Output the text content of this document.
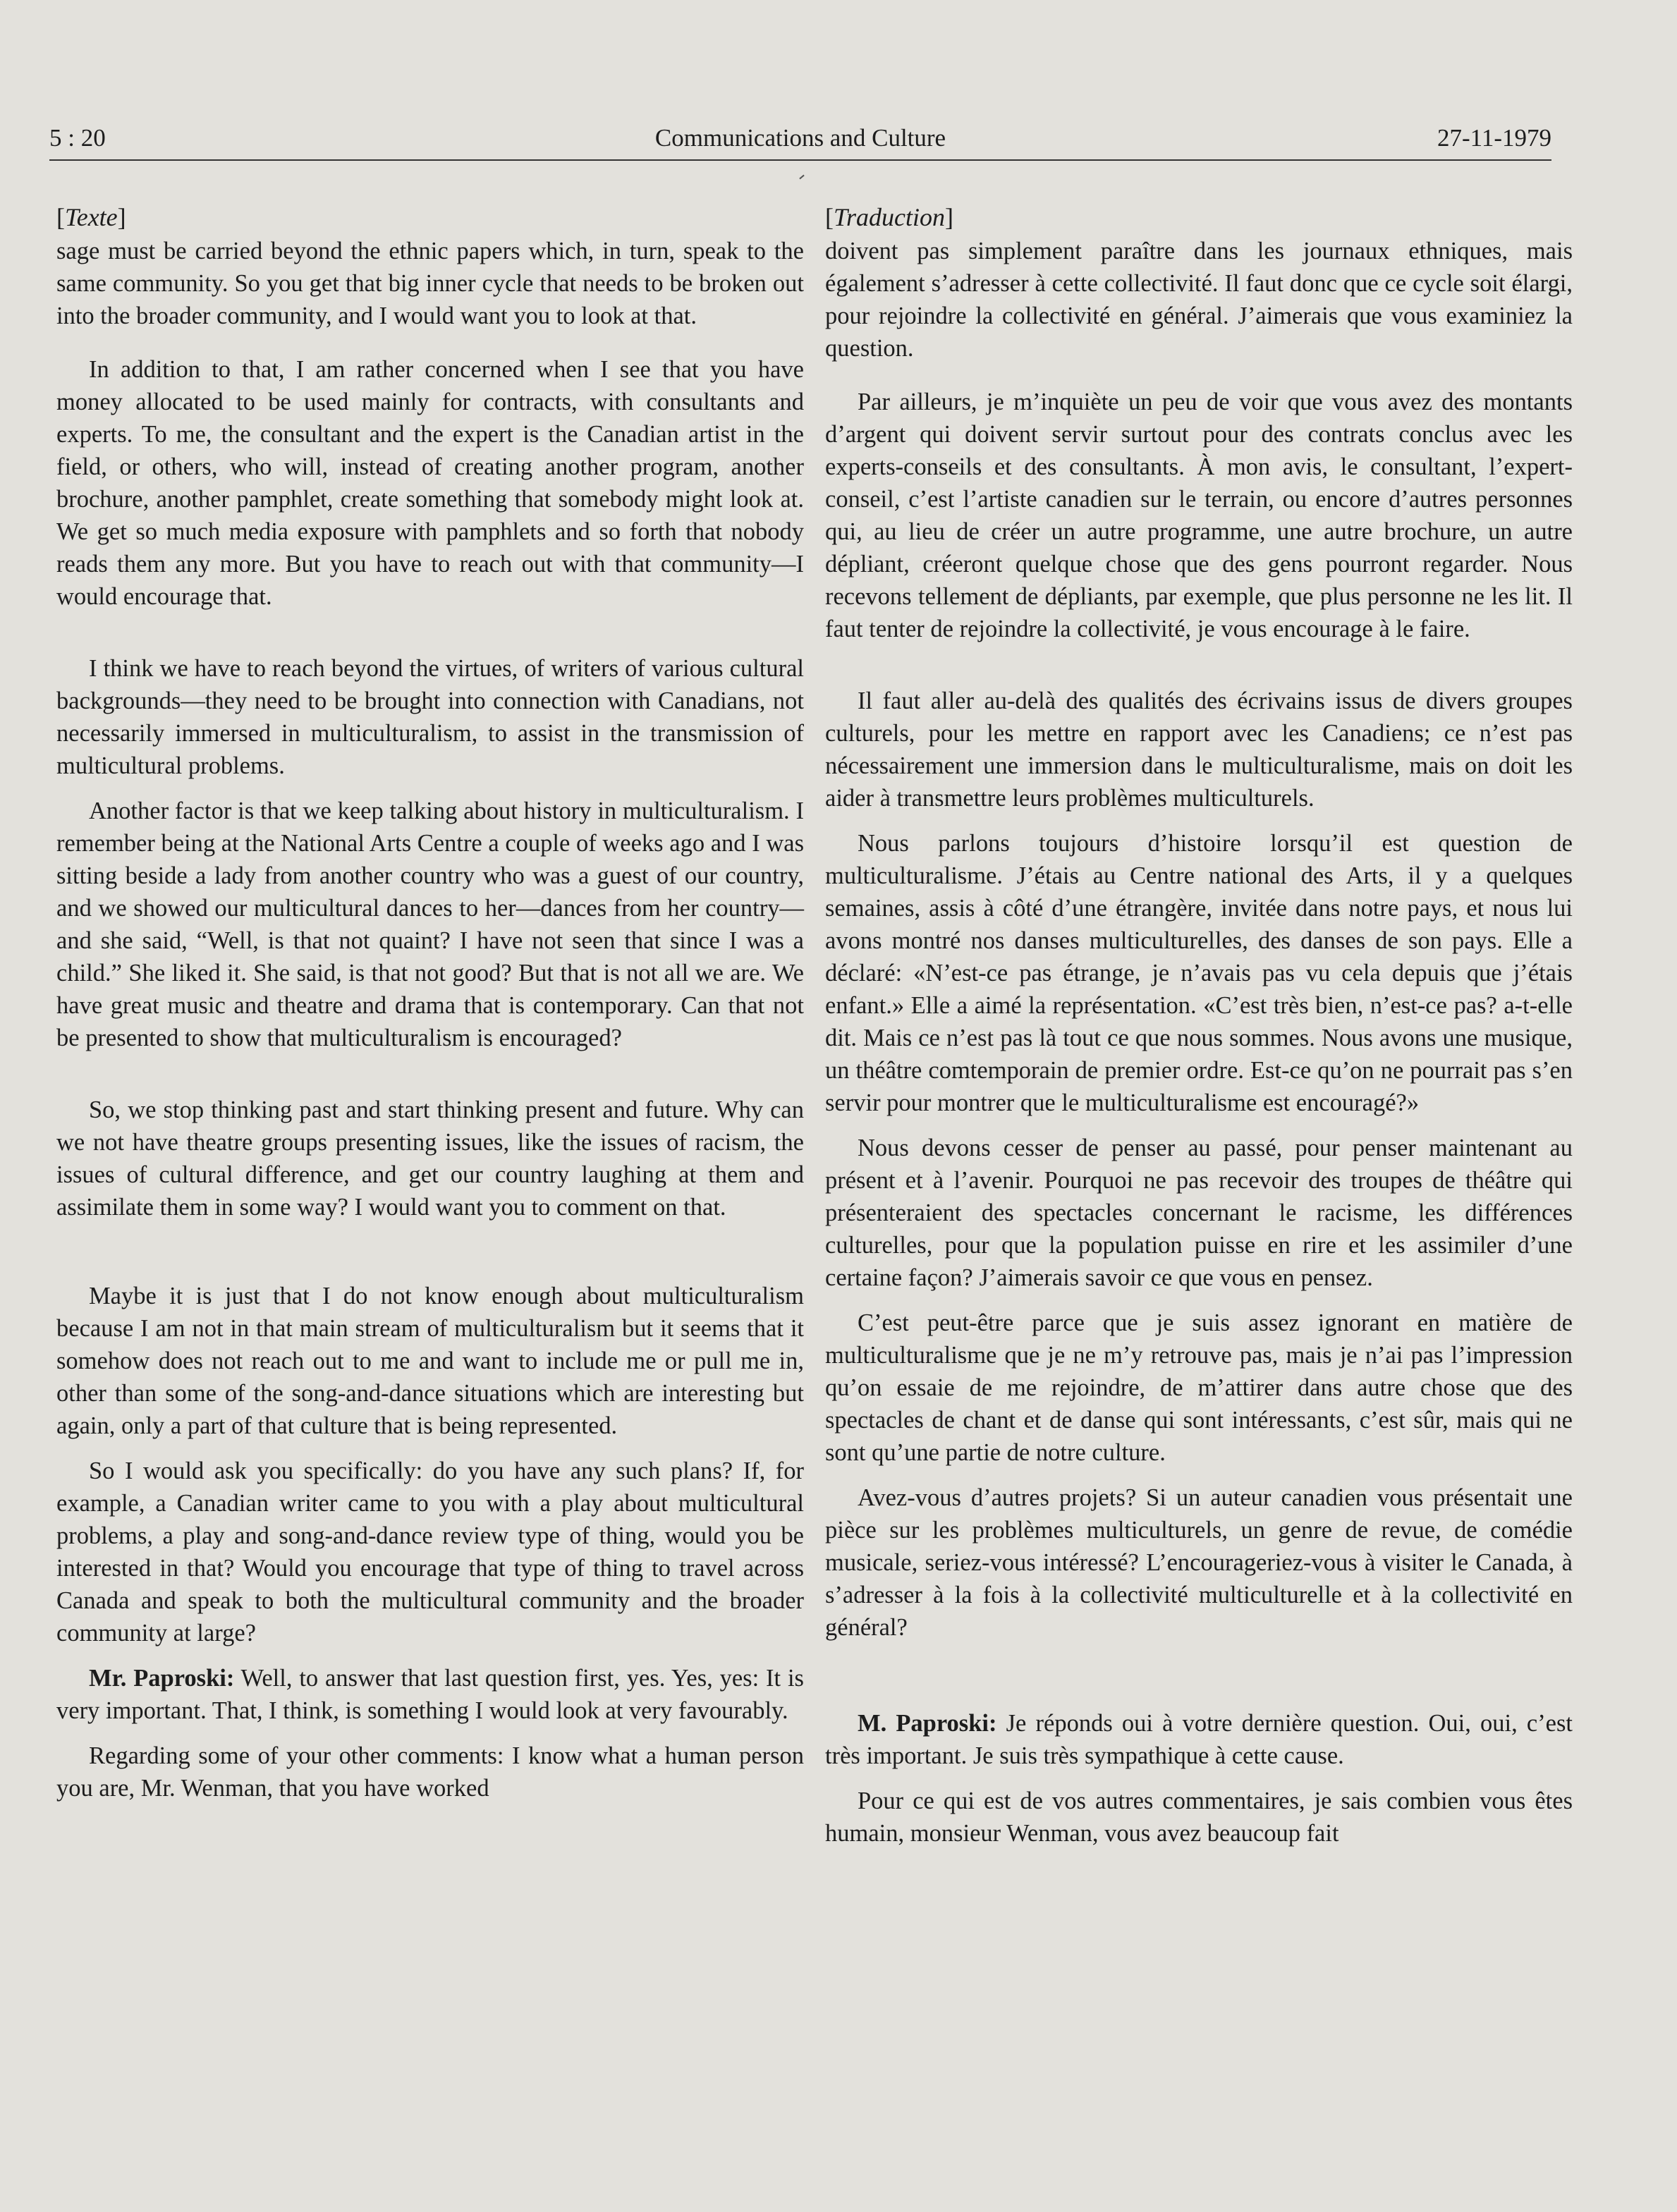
5 : 20	Communications and Culture	27-11-1979
[Texte]

sage must be carried beyond the ethnic papers which, in turn, speak to the same community. So you get that big inner cycle that needs to be broken out into the broader community, and I would want you to look at that.

In addition to that, I am rather concerned when I see that you have money allocated to be used mainly for contracts, with consultants and experts. To me, the consultant and the expert is the Canadian artist in the field, or others, who will, instead of creating another program, another brochure, another pamphlet, create something that somebody might look at. We get so much media exposure with pamphlets and so forth that nobody reads them any more. But you have to reach out with that community—I would encourage that.

I think we have to reach beyond the virtues, of writers of various cultural backgrounds—they need to be brought into connection with Canadians, not necessarily immersed in multiculturalism, to assist in the transmission of multicultural problems.

Another factor is that we keep talking about history in multiculturalism. I remember being at the National Arts Centre a couple of weeks ago and I was sitting beside a lady from another country who was a guest of our country, and we showed our multicultural dances to her—dances from her country—and she said, “Well, is that not quaint? I have not seen that since I was a child.” She liked it. She said, is that not good? But that is not all we are. We have great music and theatre and drama that is contemporary. Can that not be presented to show that multiculturalism is encouraged?

So, we stop thinking past and start thinking present and future. Why can we not have theatre groups presenting issues, like the issues of racism, the issues of cultural difference, and get our country laughing at them and assimilate them in some way? I would want you to comment on that.

Maybe it is just that I do not know enough about multiculturalism because I am not in that main stream of multiculturalism but it seems that it somehow does not reach out to me and want to include me or pull me in, other than some of the song-and-dance situations which are interesting but again, only a part of that culture that is being represented.

So I would ask you specifically: do you have any such plans? If, for example, a Canadian writer came to you with a play about multicultural problems, a play and song-and-dance review type of thing, would you be interested in that? Would you encourage that type of thing to travel across Canada and speak to both the multicultural community and the broader community at large?

Mr. Paproski: Well, to answer that last question first, yes. Yes, yes: It is very important. That, I think, is something I would look at very favourably.

Regarding some of your other comments: I know what a human person you are, Mr. Wenman, that you have worked

[Traduction]

doivent pas simplement paraître dans les journaux ethniques, mais également s’adresser à cette collectivité. Il faut donc que ce cycle soit élargi, pour rejoindre la collectivité en général. J’aimerais que vous examiniez la question.

Par ailleurs, je m’inquiète un peu de voir que vous avez des montants d’argent qui doivent servir surtout pour des contrats conclus avec les experts-conseils et des consultants. À mon avis, le consultant, l’expert-conseil, c’est l’artiste canadien sur le terrain, ou encore d’autres personnes qui, au lieu de créer un autre programme, une autre brochure, un autre dépliant, créeront quelque chose que des gens pourront regarder. Nous recevons tellement de dépliants, par exemple, que plus personne ne les lit. Il faut tenter de rejoindre la collectivité, je vous encourage à le faire.

Il faut aller au-delà des qualités des écrivains issus de divers groupes culturels, pour les mettre en rapport avec les Canadiens; ce n’est pas nécessairement une immersion dans le multiculturalisme, mais on doit les aider à transmettre leurs problèmes multiculturels.

Nous parlons toujours d’histoire lorsqu’il est question de multiculturalisme. J’étais au Centre national des Arts, il y a quelques semaines, assis à côté d’une étrangère, invitée dans notre pays, et nous lui avons montré nos danses multiculturelles, des danses de son pays. Elle a déclaré: «N’est-ce pas étrange, je n’avais pas vu cela depuis que j’étais enfant.» Elle a aimé la représentation. «C’est très bien, n’est-ce pas? a-t-elle dit. Mais ce n’est pas là tout ce que nous sommes. Nous avons une musique, un théâtre comtemporain de premier ordre. Est-ce qu’on ne pourrait pas s’en servir pour montrer que le multiculturalisme est encouragé?»

Nous devons cesser de penser au passé, pour penser maintenant au présent et à l’avenir. Pourquoi ne pas recevoir des troupes de théâtre qui présenteraient des spectacles concernant le racisme, les différences culturelles, pour que la population puisse en rire et les assimiler d’une certaine façon? J’aimerais savoir ce que vous en pensez.

C’est peut-être parce que je suis assez ignorant en matière de multiculturalisme que je ne m’y retrouve pas, mais je n’ai pas l’impression qu’on essaie de me rejoindre, de m’attirer dans autre chose que des spectacles de chant et de danse qui sont intéressants, c’est sûr, mais qui ne sont qu’une partie de notre culture.

Avez-vous d’autres projets? Si un auteur canadien vous présentait une pièce sur les problèmes multiculturels, un genre de revue, de comédie musicale, seriez-vous intéressé? L’encourageriez-vous à visiter le Canada, à s’adresser à la fois à la collectivité multiculturelle et à la collectivité en général?

M. Paproski: Je réponds oui à votre dernière question. Oui, oui, c’est très important. Je suis très sympathique à cette cause.

Pour ce qui est de vos autres commentaires, je sais combien vous êtes humain, monsieur Wenman, vous avez beaucoup fait
